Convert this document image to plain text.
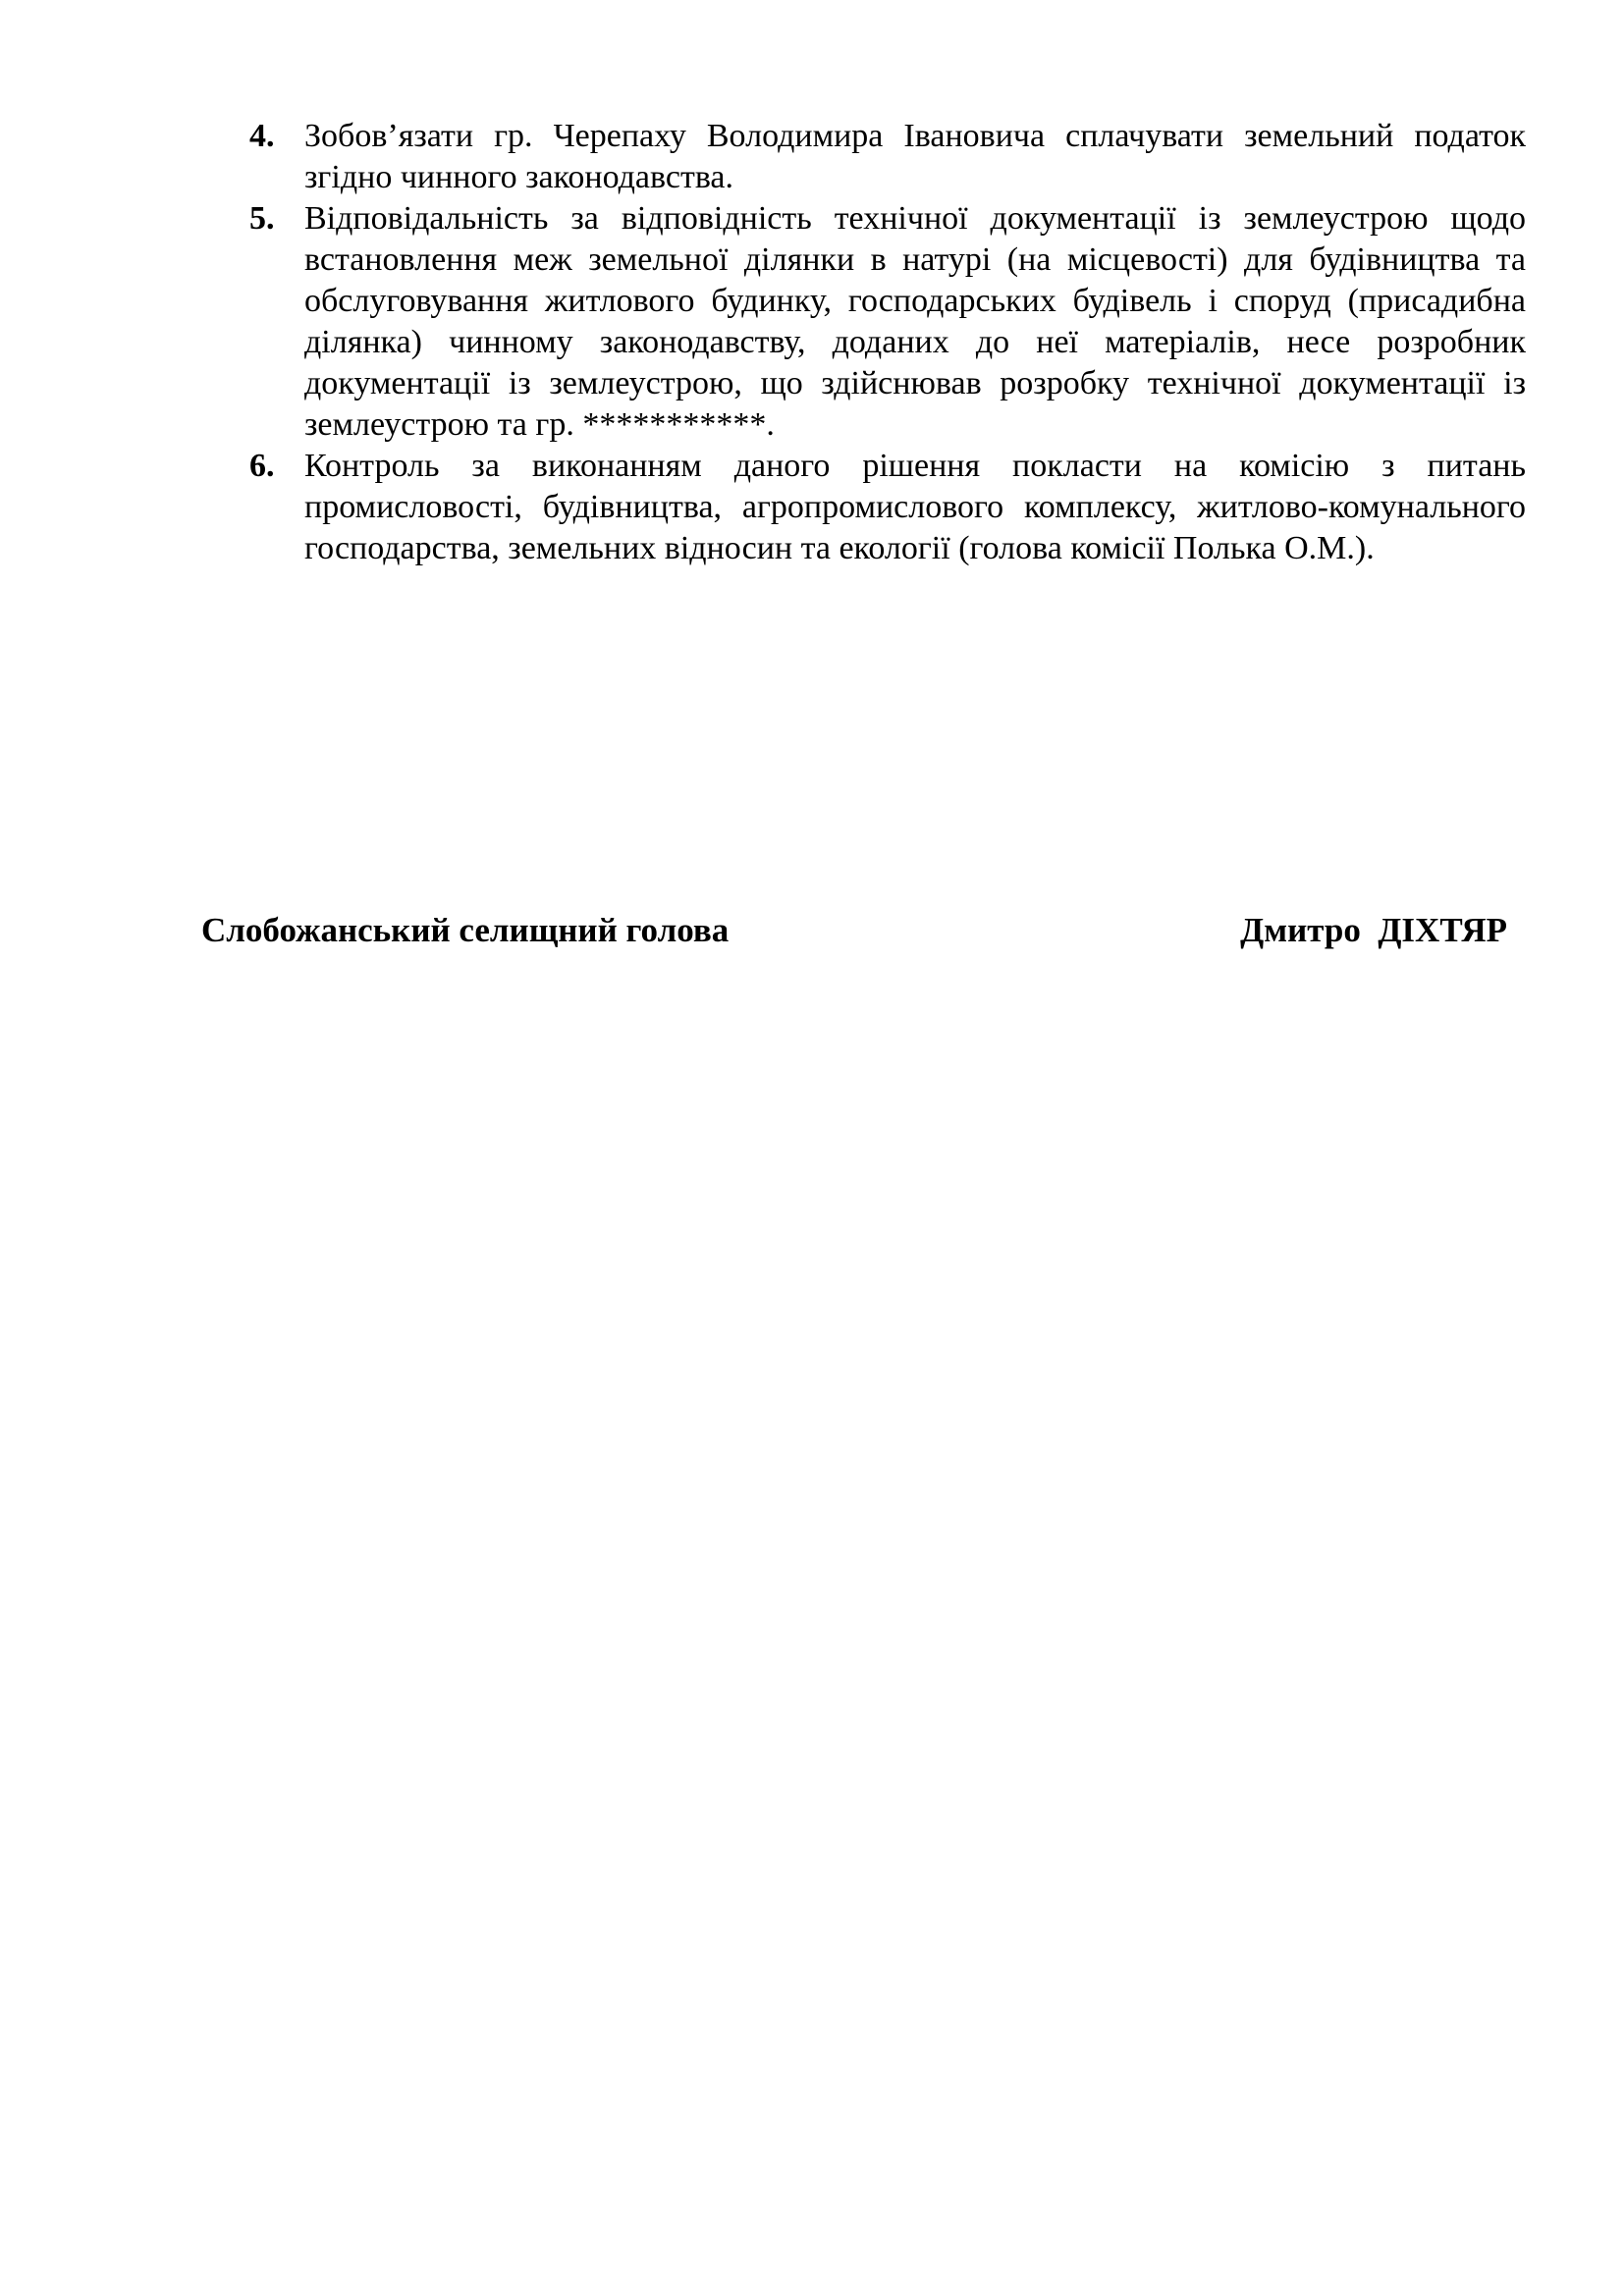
4. Зобов’язати гр. Черепаху Володимира Івановича сплачувати земельний податок згідно чинного законодавства.
5. Відповідальність за відповідність технічної документації із землеустрою щодо встановлення меж земельної ділянки в натурі (на місцевості) для будівництва та обслуговування житлового будинку, господарських будівель і споруд (присадибна ділянка) чинному законодавству, доданих до неї матеріалів, несе розробник документації із землеустрою, що здійснював розробку технічної документації із землеустрою та гр. ***********.
6. Контроль за виконанням даного рішення покласти на комісію з питань промисловості, будівництва, агропромислового комплексу, житлово-комунального господарства, земельних відносин та екології (голова комісії Полька О.М.).
Слобожанський селищний голова	Дмитро  ДІХТЯР
